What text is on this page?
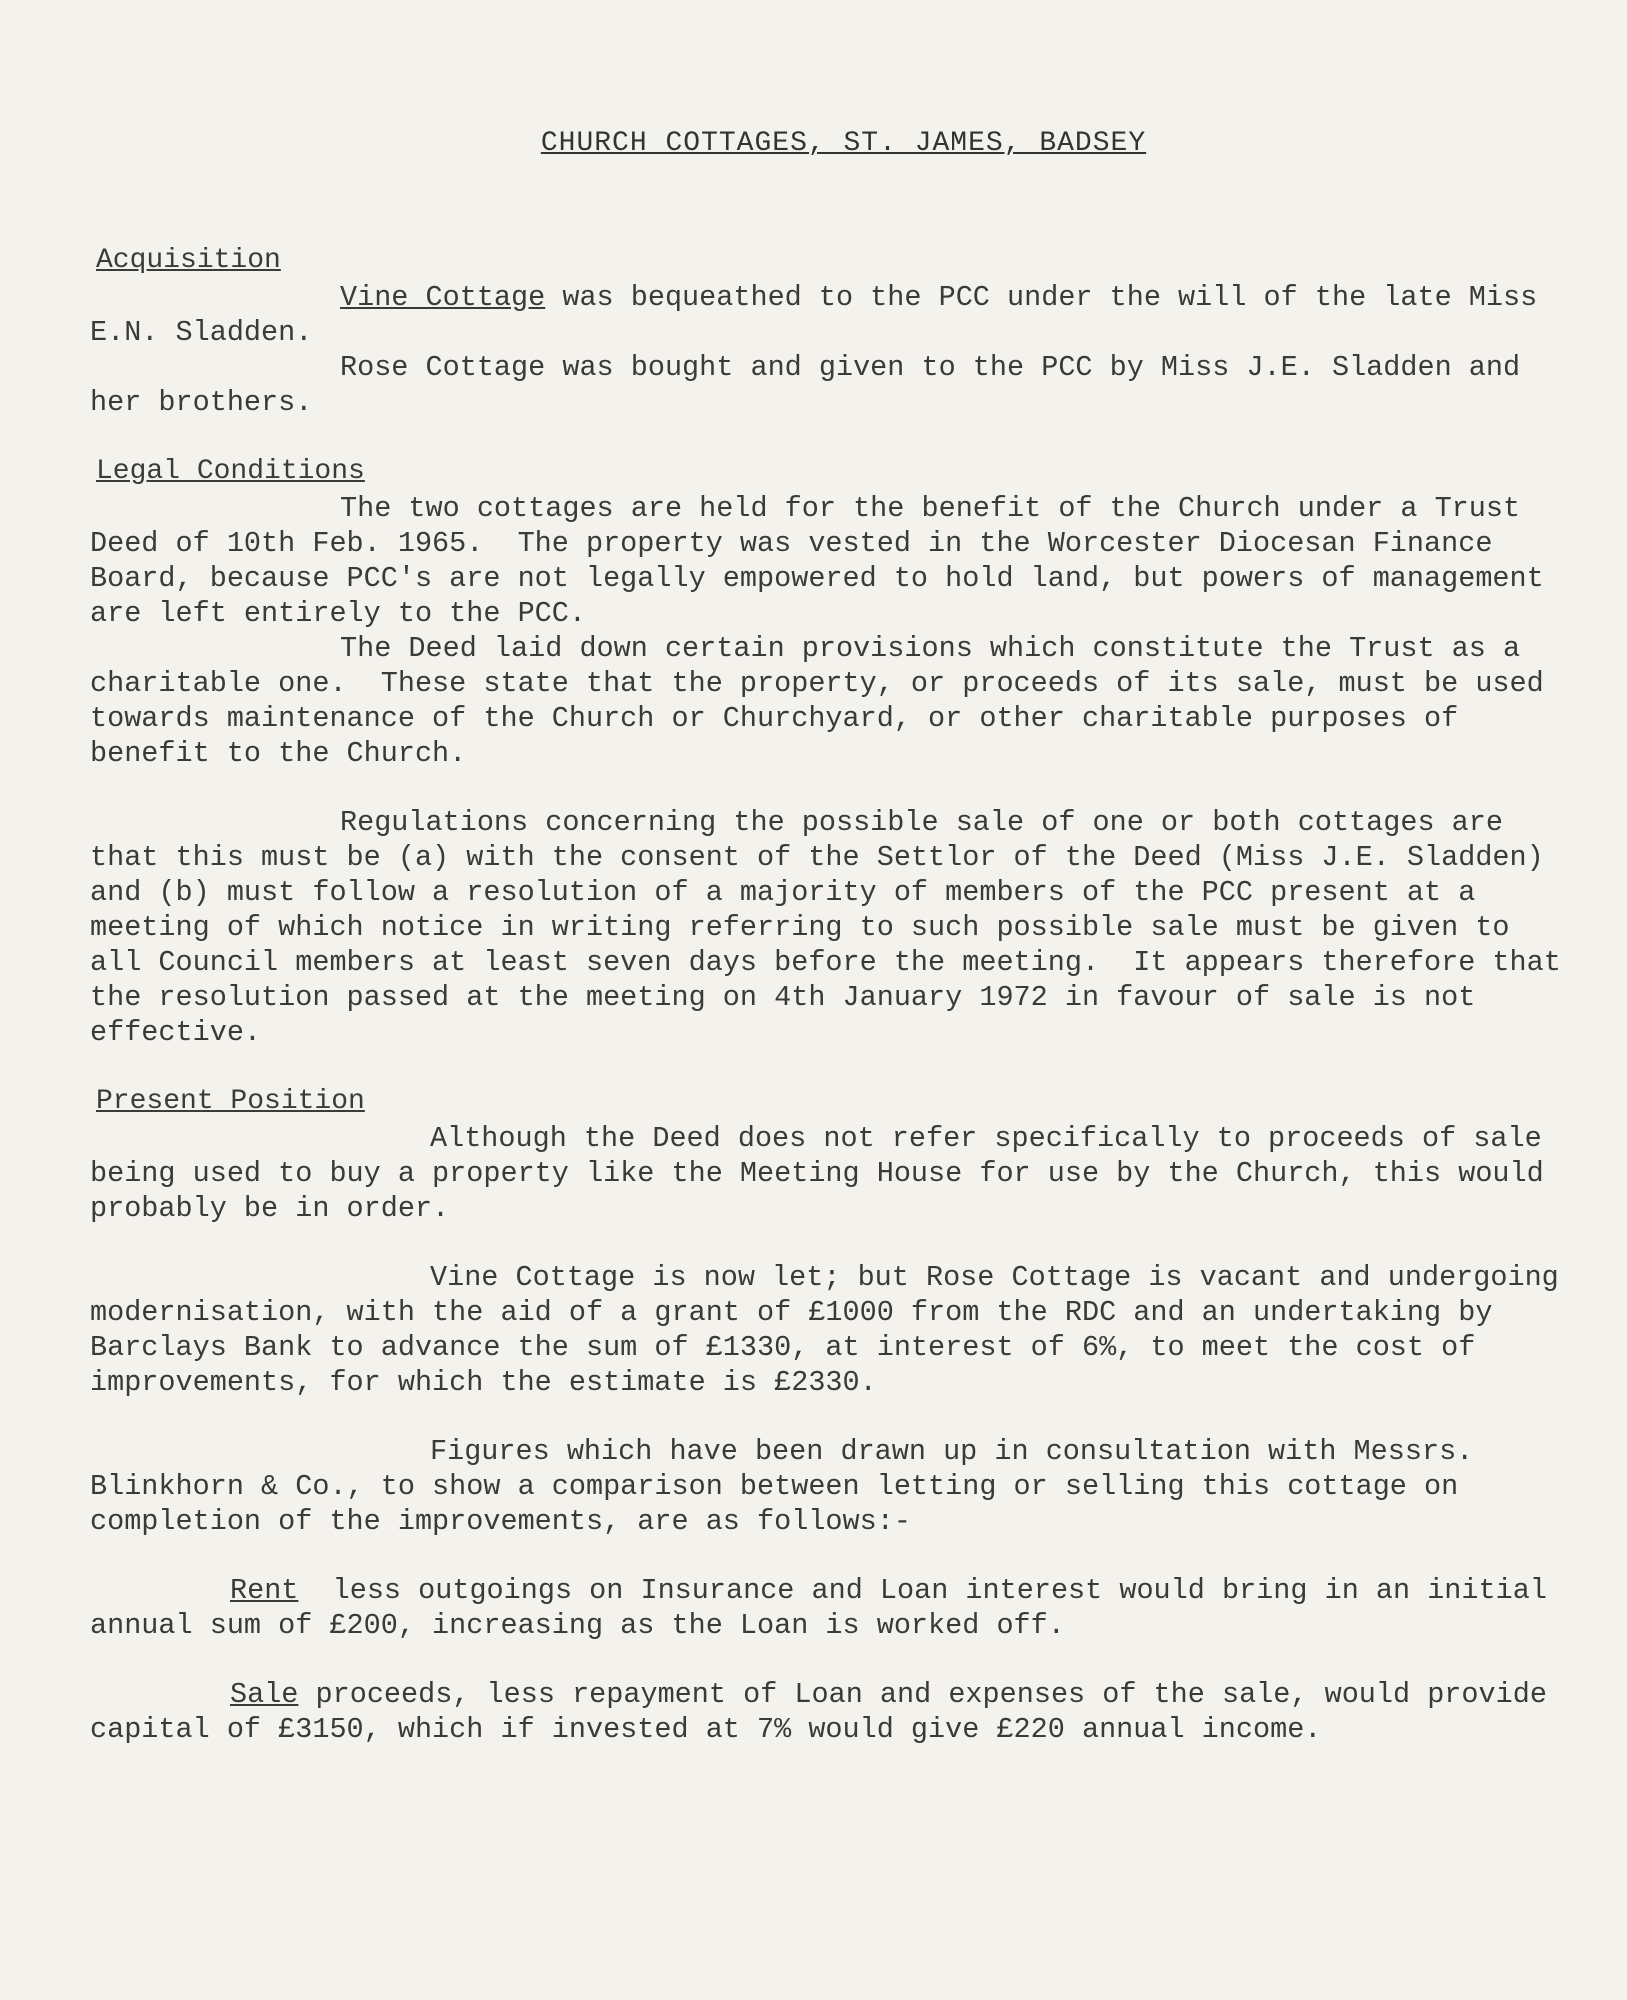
CHURCH COTTAGES, ST. JAMES, BADSEY
Acquisition

Vine Cottage was bequeathed to the PCC under the will of the late Miss E.N. Sladden.

Rose Cottage was bought and given to the PCC by Miss J.E. Sladden and her brothers.

Legal Conditions

The two cottages are held for the benefit of the Church under a Trust Deed of 10th Feb. 1965.  The property was vested in the Worcester Diocesan Finance Board, because PCC's are not legally empowered to hold land, but powers of management are left entirely to the PCC.

The Deed laid down certain provisions which constitute the Trust as a charitable one.  These state that the property, or proceeds of its sale, must be used towards maintenance of the Church or Churchyard, or other charitable purposes of benefit to the Church.

Regulations concerning the possible sale of one or both cottages are that this must be (a) with the consent of the Settlor of the Deed (Miss J.E. Sladden) and (b) must follow a resolution of a majority of members of the PCC present at a meeting of which notice in writing referring to such possible sale must be given to all Council members at least seven days before the meeting.  It appears therefore that the resolution passed at the meeting on 4th January 1972 in favour of sale is not effective.

Present Position

Although the Deed does not refer specifically to proceeds of sale being used to buy a property like the Meeting House for use by the Church, this would probably be in order.

Vine Cottage is now let; but Rose Cottage is vacant and undergoing modernisation, with the aid of a grant of £1000 from the RDC and an undertaking by Barclays Bank to advance the sum of £1330, at interest of 6%, to meet the cost of improvements, for which the estimate is £2330.

Figures which have been drawn up in consultation with Messrs. Blinkhorn & Co., to show a comparison between letting or selling this cottage on completion of the improvements, are as follows:-

Rent  less outgoings on Insurance and Loan interest would bring in an initial annual sum of £200, increasing as the Loan is worked off.

Sale proceeds, less repayment of Loan and expenses of the sale, would provide capital of £3150, which if invested at 7% would give £220 annual income.
